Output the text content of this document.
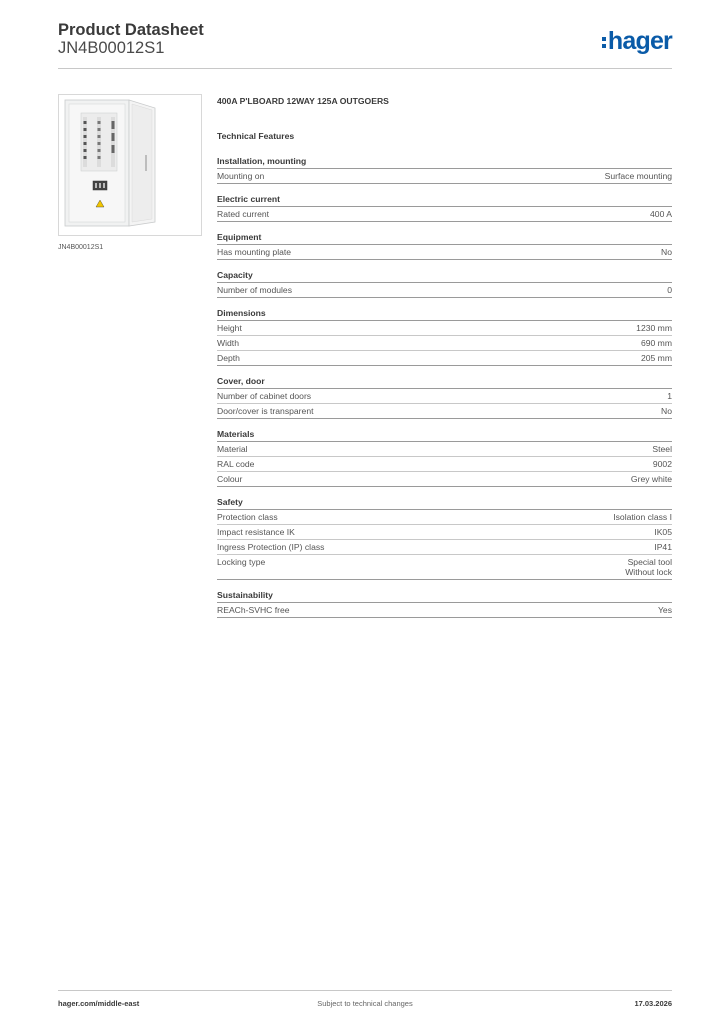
Product Datasheet
JN4B00012S1	hager
JN4B00012S1
400A P'LBOARD 12WAY 125A OUTGOERS
Technical Features
Installation, mounting
Mounting on	Surface mounting
Electric current
Rated current	400 A
Equipment
Has mounting plate	No
Capacity
Number of modules	0
Dimensions
Height	1230 mm
Width	690 mm
Depth	205 mm
Cover, door
Number of cabinet doors	1
Door/cover is transparent	No
Materials
Material	Steel
RAL code	9002
Colour	Grey white
Safety
Protection class	Isolation class I
Impact resistance IK	IK05
Ingress Protection (IP) class	IP41
Locking type	Special tool
Without lock
Sustainability
REACh-SVHC free	Yes
hager.com/middle-east	Subject to technical changes	17.03.2026
